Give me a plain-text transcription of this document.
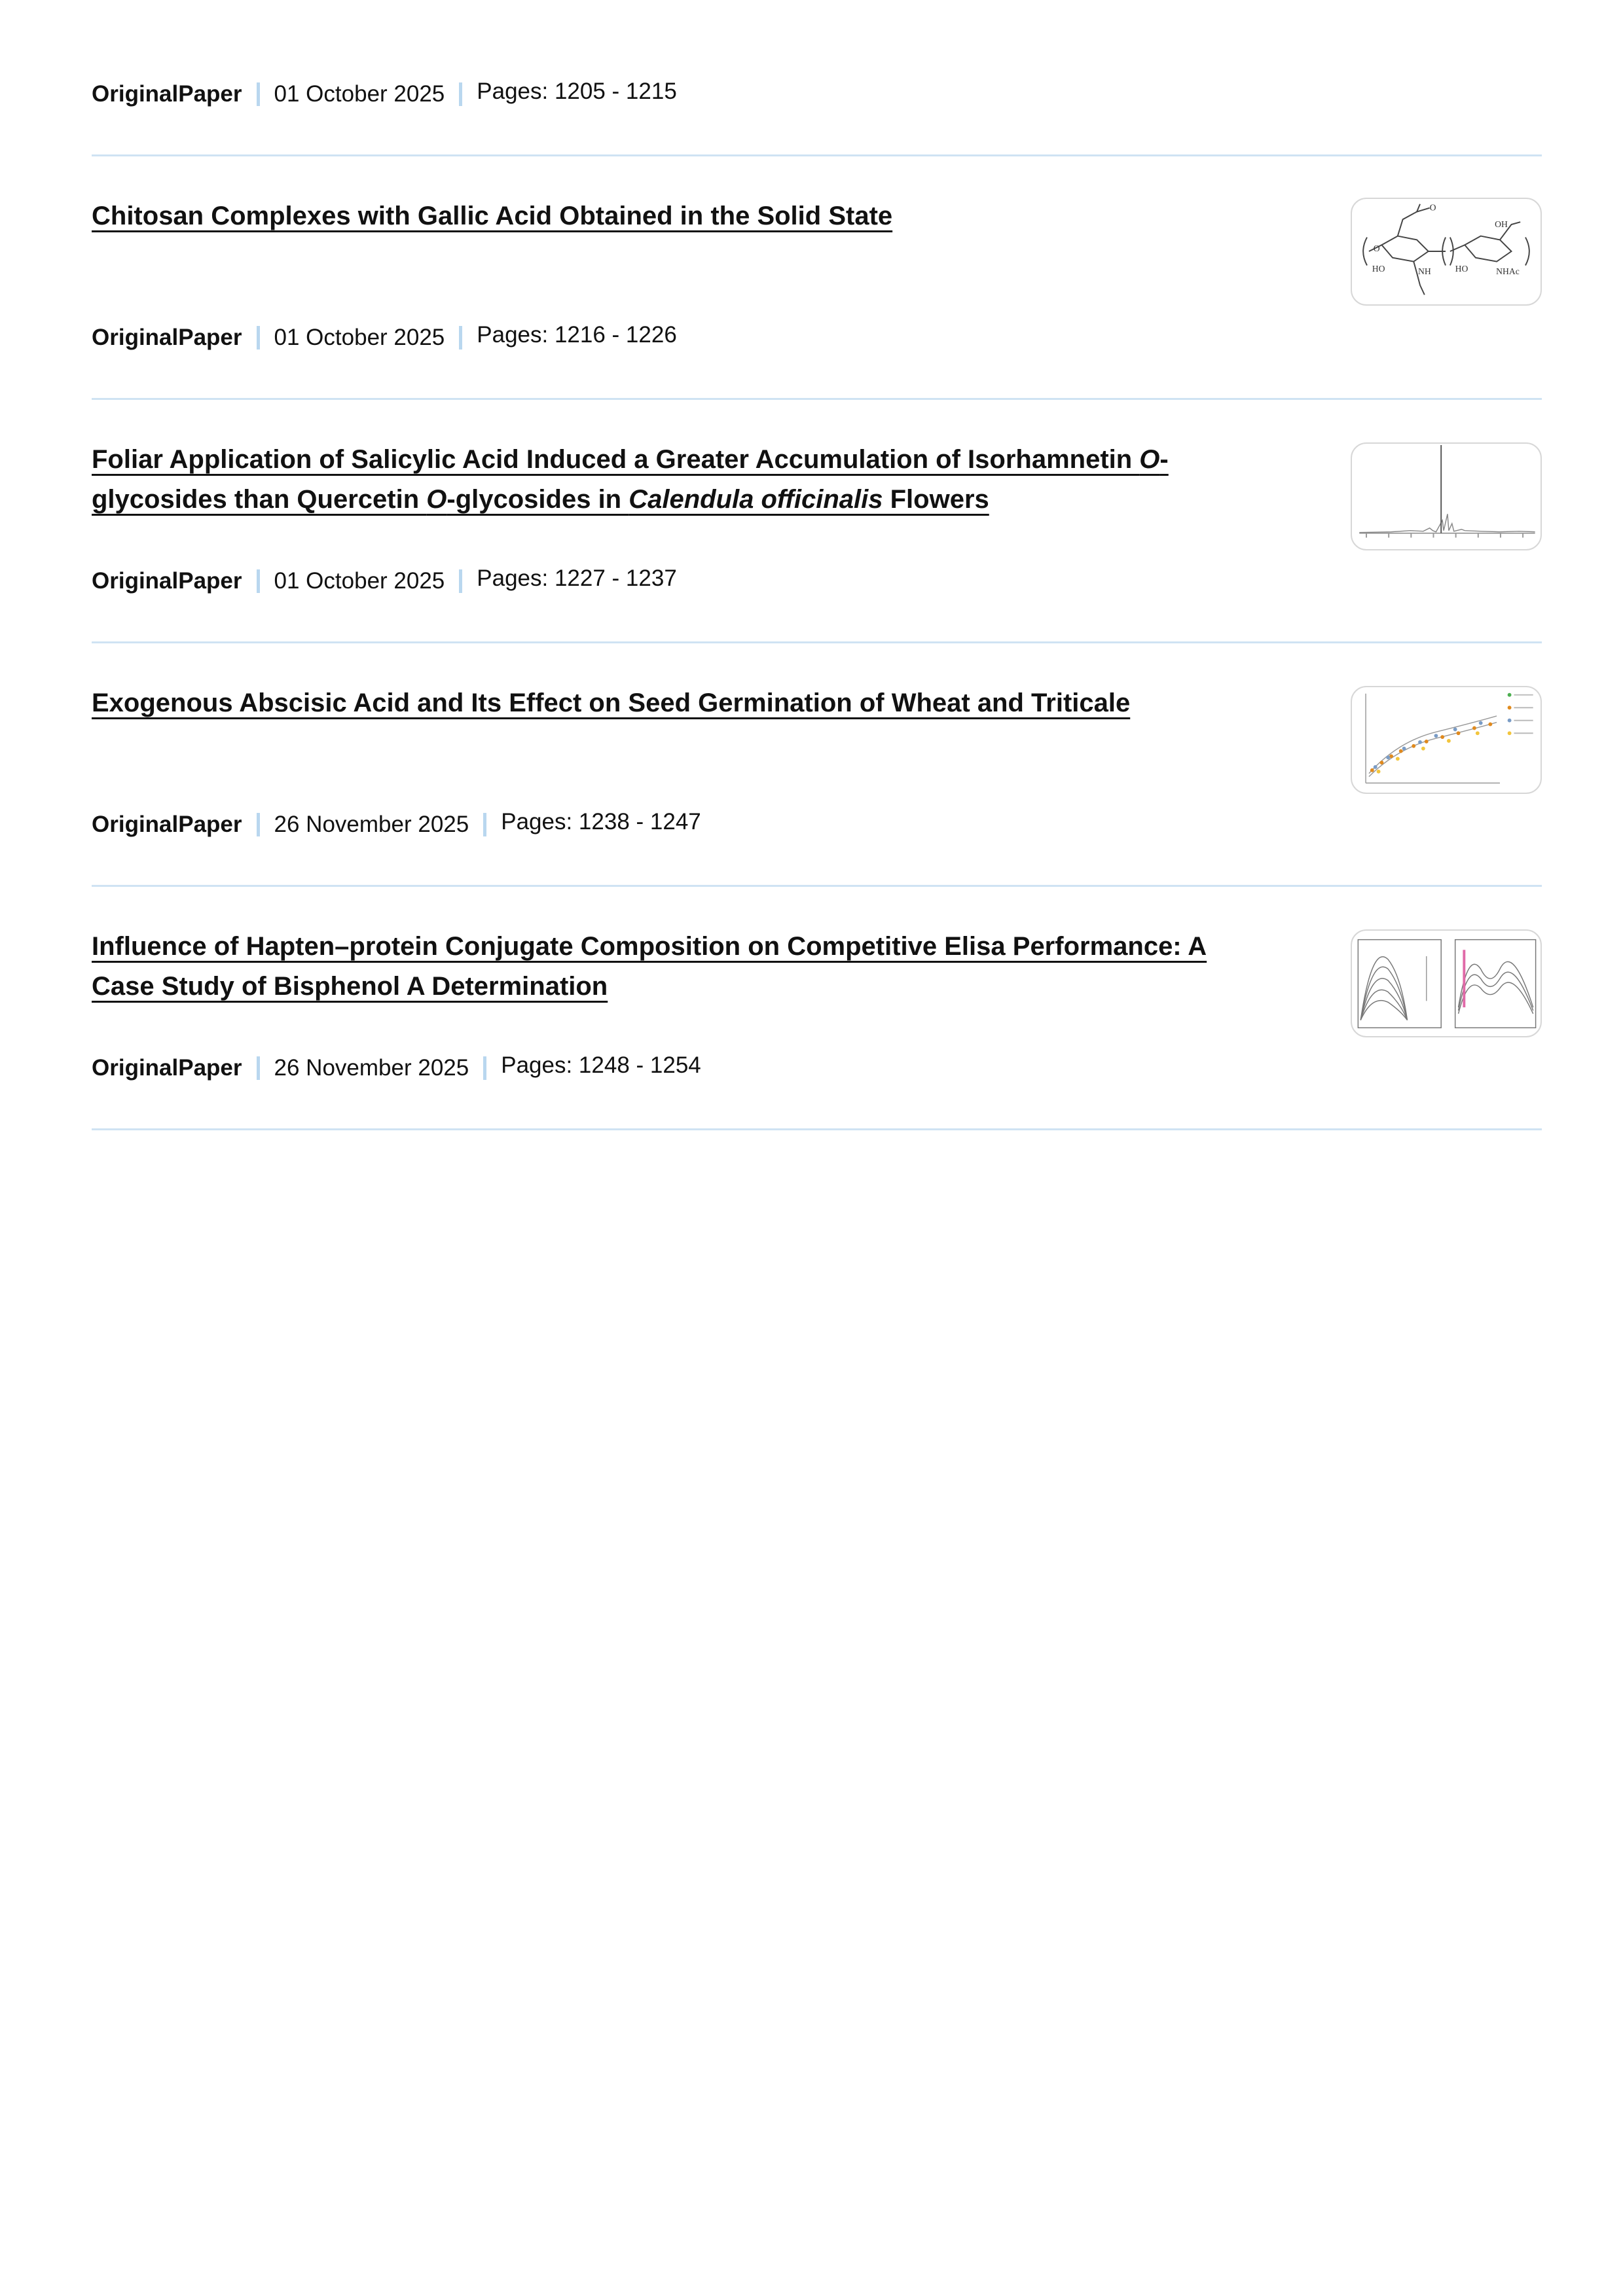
OriginalPaper 01 October 2025 Pages: 1205 - 1215
Chitosan Complexes with Gallic Acid Obtained in the Solid State	OH
HO	NH	HO	NHAc
O
O
OriginalPaper 01 October 2025 Pages: 1216 - 1226
Foliar Application of Salicylic Acid Induced a Greater Accumulation of Isorhamnetin O-
glycosides than Quercetin O-glycosides in Calendula officinalis Flowers
OriginalPaper 01 October 2025 Pages: 1227 - 1237
Exogenous Abscisic Acid and Its Effect on Seed Germination of Wheat and Triticale
OriginalPaper 26 November 2025 Pages: 1238 - 1247
Influence of Hapten–protein Conjugate Composition on Competitive Elisa Performance: A
Case Study of Bisphenol A Determination
OriginalPaper 26 November 2025 Pages: 1248 - 1254
